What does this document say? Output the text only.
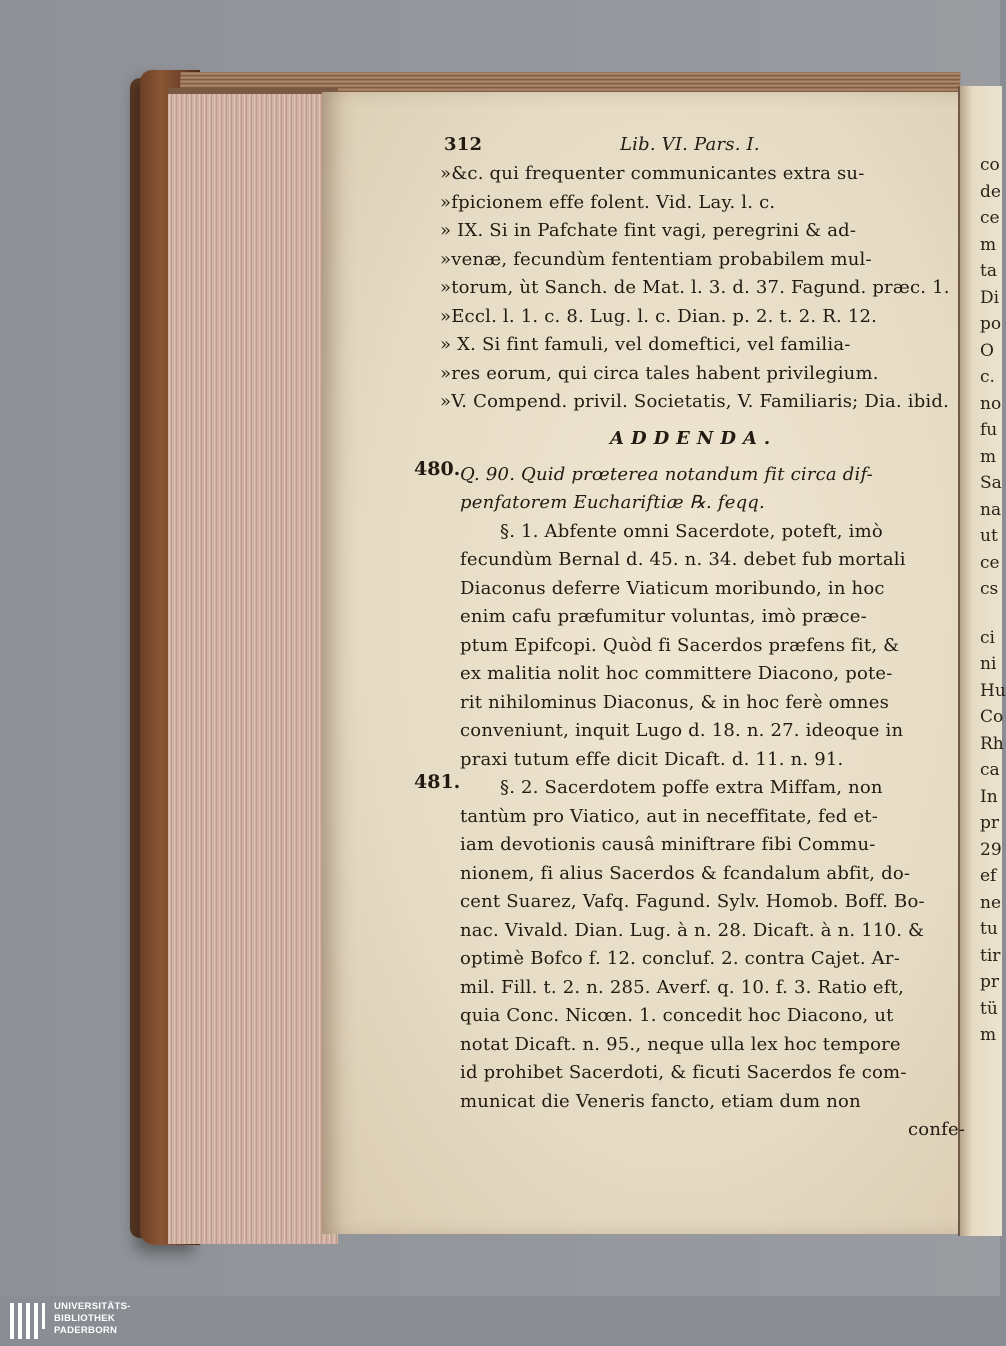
co
de
ce
m
ta
Di
po
O
c.
no
fu
m
Sa
na
ut
ce
cs
ci
ni
Hu
Co
Rh
ca
In
pr
29
ef
ne
tu
tir
pr
tü
m
312	Lib. VI. Pars. I.
»&c. qui frequenter communicantes extra su-
»fpicionem effe folent. Vid. Lay. l. c.
» IX. Si in Pafchate fint vagi, peregrini & ad-
»venæ, fecundùm fententiam probabilem mul-
»torum, ùt Sanch. de Mat. l. 3. d. 37. Fagund. præc. 1.
»Eccl. l. 1. c. 8. Lug. l. c. Dian. p. 2. t. 2. R. 12.
» X. Si fint famuli, vel domeftici, vel familia-
»res eorum, qui circa tales habent privilegium.
»V. Compend. privil. Societatis, V. Familiaris; Dia. ibid.
ADDENDA.
Q. 90. Quid prœterea notandum fit circa dif-
penfatorem Euchariftiæ ℞. feqq.
§. 1. Abfente omni Sacerdote, poteft, imò
fecundùm Bernal d. 45. n. 34. debet fub mortali
Diaconus deferre Viaticum moribundo, in hoc
enim cafu præfumitur voluntas, imò præce-
ptum Epifcopi. Quòd fi Sacerdos præfens fit, &
ex malitia nolit hoc committere Diacono, pote-
rit nihilominus Diaconus, & in hoc ferè omnes
conveniunt, inquit Lugo d. 18. n. 27. ideoque in
praxi tutum effe dicit Dicaft. d. 11. n. 91.
§. 2. Sacerdotem poffe extra Miffam, non
tantùm pro Viatico, aut in neceffitate, fed et-
iam devotionis causâ miniftrare fibi Commu-
nionem, fi alius Sacerdos & fcandalum abfit, do-
cent Suarez, Vafq. Fagund. Sylv. Homob. Boff. Bo-
nac. Vivald. Dian. Lug. à n. 28. Dicaft. à n. 110. &
optimè Bofco f. 12. concluf. 2. contra Cajet. Ar-
mil. Fill. t. 2. n. 285. Averf. q. 10. f. 3. Ratio eft,
quia Conc. Nicœn. 1. concedit hoc Diacono, ut
notat Dicaft. n. 95., neque ulla lex hoc tempore
id prohibet Sacerdoti, & ficuti Sacerdos fe com-
municat die Veneris fancto, etiam dum non
confe-
480.
481.
UNIVERSITÄTS-
BIBLIOTHEK
PADERBORN
